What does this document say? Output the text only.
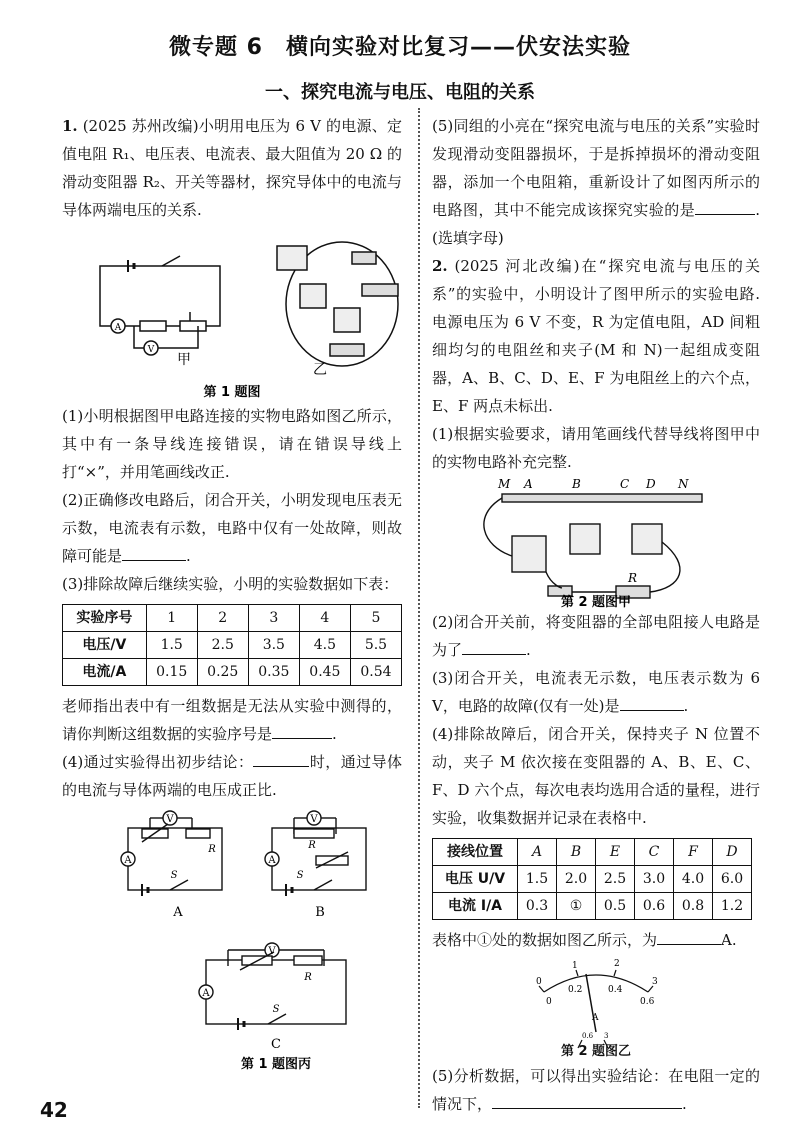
微专题 6　横向实验对比复习——伏安法实验
一、探究电流与电压、电阻的关系

1. (2025 苏州改编)小明用电压为 6 V 的电源、定值电阻 R₁、电压表、电流表、最大阻值为 20 Ω 的滑动变阻器 R₂、开关等器材，探究导体中的电流与导体两端电压的关系.

A
V
甲
乙
第 1 题图

(1)小明根据图甲电路连接的实物电路如图乙所示，其中有一条导线连接错误，请在错误导线上打“×”，并用笔画线改正.

(2)正确修改电路后，闭合开关，小明发现电压表无示数，电流表有示数，电路中仅有一处故障，则故障可能是	.

(3)排除故障后继续实验，小明的实验数据如下表：

实验序号	1	2	3	4	5
电压/V	1.5	2.5	3.5	4.5	5.5
电流/A	0.15	0.25	0.35	0.45	0.54

老师指出表中有一组数据是无法从实验中测得的，请你判断这组数据的实验序号是	.

(4)通过实验得出初步结论：	时，通过导体的电流与导体两端的电压成正比.

V
A
R
S
V
A
R
S
V
A
R
S
A	B
C
第 1 题图丙

(5)同组的小亮在“探究电流与电压的关系”实验时发现滑动变阻器损坏，于是拆掉损坏的滑动变阻器，添加一个电阻箱，重新设计了如图丙所示的电路图，其中不能完成该探究实验的是	.(选填字母)

2. (2025 河北改编)在“探究电流与电压的关系”的实验中，小明设计了图甲所示的实验电路. 电源电压为 6 V 不变，R 为定值电阻，AD 间粗细均匀的电阻丝和夹子(M 和 N)一起组成变阻器，A、B、C、D、E、F 为电阻丝上的六个点，E、F 两点未标出.

(1)根据实验要求，请用笔画线代替导线将图甲中的实物电路补充完整.

M A	B	C D N
R
第 2 题图甲

(2)闭合开关前，将变阻器的全部电阻接人电路是为了	.

(3)闭合开关，电流表无示数，电压表示数为 6 V，电路的故障(仅有一处)是	.

(4)排除故障后，闭合开关，保持夹子 N 位置不动，夹子 M 依次接在变阻器的 A、B、E、C、F、D 六个点，每次电表均选用合适的量程，进行实验，收集数据并记录在表格中.

接线位置	A	B	E	C	F	D
电压 U/V	1.5	2.0	2.5	3.0	4.0	6.0
电流 I/A	0.3	①	0.5	0.6	0.8	1.2

表格中①处的数据如图乙所示，为	A.

0
1	2
3
0
0.2	0.4
0.6
A
0.6 3
第 2 题图乙

(5)分析数据，可以得出实验结论：在电阻一定的情况下，	.

42
